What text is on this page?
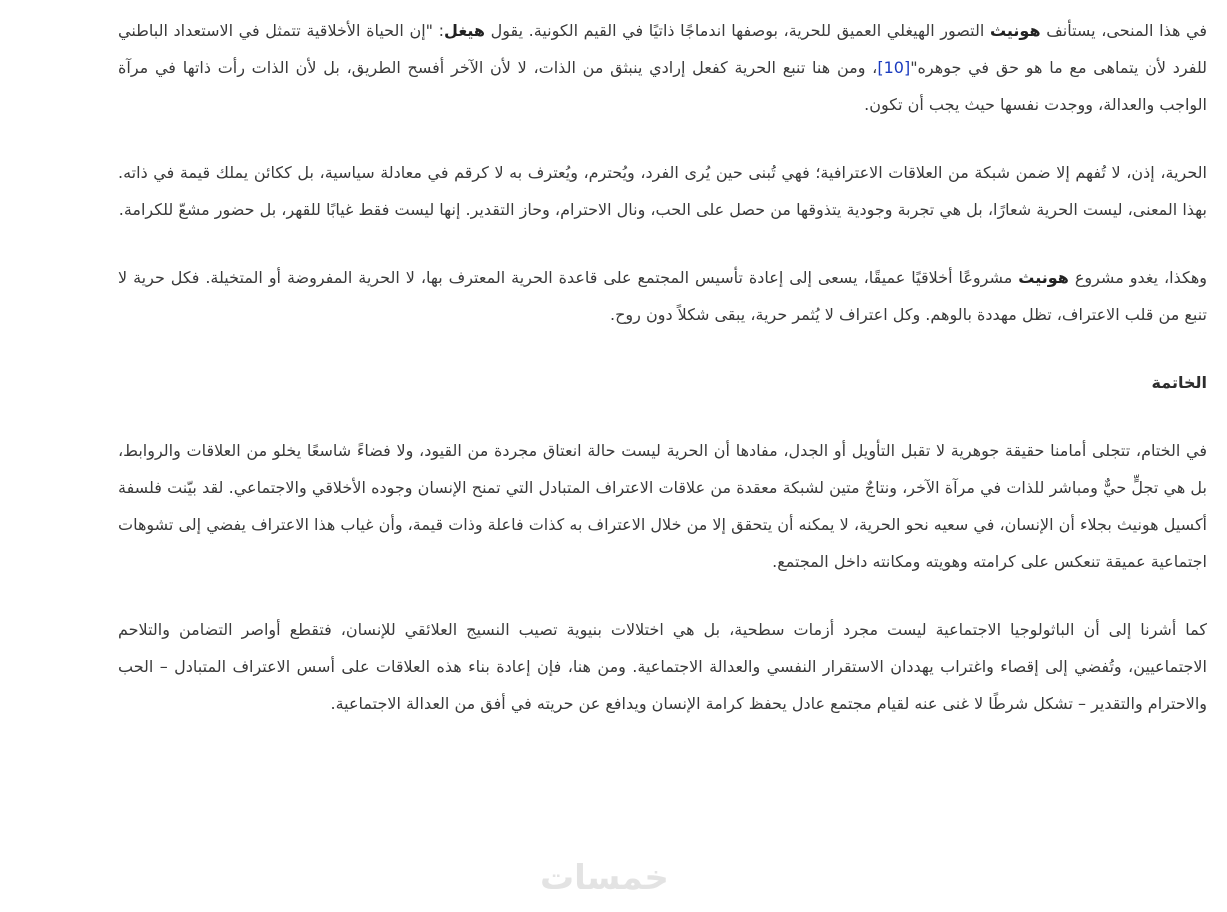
في هذا المنحى، يستأنف هونيث التصور الهيغلي العميق للحرية، بوصفها اندماجًا ذاتيًا في القيم الكونية. يقول هيغل: "إن الحياة الأخلاقية تتمثل في الاستعداد الباطني للفرد لأن يتماهى مع ما هو حق في جوهره"[10]، ومن هنا تنبع الحرية كفعل إرادي ينبثق من الذات، لا لأن الآخر أفسح الطريق، بل لأن الذات رأت ذاتها في مرآة الواجب والعدالة، ووجدت نفسها حيث يجب أن تكون.

الحرية، إذن، لا تُفهم إلا ضمن شبكة من العلاقات الاعترافية؛ فهي تُبنى حين يُرى الفرد، ويُحترم، ويُعترف به لا كرقم في معادلة سياسية، بل ككائن يملك قيمة في ذاته. بهذا المعنى، ليست الحرية شعارًا، بل هي تجربة وجودية يتذوقها من حصل على الحب، ونال الاحترام، وحاز التقدير. إنها ليست فقط غيابًا للقهر، بل حضور مشعّ للكرامة.

وهكذا، يغدو مشروع هونيث مشروعًا أخلاقيًا عميقًا، يسعى إلى إعادة تأسيس المجتمع على قاعدة الحرية المعترف بها، لا الحرية المفروضة أو المتخيلة. فكل حرية لا تنبع من قلب الاعتراف، تظل مهددة بالوهم. وكل اعتراف لا يُثمر حرية، يبقى شكلاً دون روح.

الخاتمة

في الختام، تتجلى أمامنا حقيقة جوهرية لا تقبل التأويل أو الجدل، مفادها أن الحرية ليست حالة انعتاق مجردة من القيود، ولا فضاءً شاسعًا يخلو من العلاقات والروابط، بل هي تجلٍّ حيٌّ ومباشر للذات في مرآة الآخر، ونتاجٌ متين لشبكة معقدة من علاقات الاعتراف المتبادل التي تمنح الإنسان وجوده الأخلاقي والاجتماعي. لقد بيّنت فلسفة أكسيل هونيث بجلاء أن الإنسان، في سعيه نحو الحرية، لا يمكنه أن يتحقق إلا من خلال الاعتراف به كذات فاعلة وذات قيمة، وأن غياب هذا الاعتراف يفضي إلى تشوهات اجتماعية عميقة تنعكس على كرامته وهويته ومكانته داخل المجتمع.

كما أشرنا إلى أن الباثولوجيا الاجتماعية ليست مجرد أزمات سطحية، بل هي اختلالات بنيوية تصيب النسيج العلائقي للإنسان، فتقطع أواصر التضامن والتلاحم الاجتماعيين، وتُفضي إلى إقصاء واغتراب يهددان الاستقرار النفسي والعدالة الاجتماعية. ومن هنا، فإن إعادة بناء هذه العلاقات على أسس الاعتراف المتبادل – الحب والاحترام والتقدير – تشكل شرطًا لا غنى عنه لقيام مجتمع عادل يحفظ كرامة الإنسان ويدافع عن حريته في أفق من العدالة الاجتماعية.

خمسات
